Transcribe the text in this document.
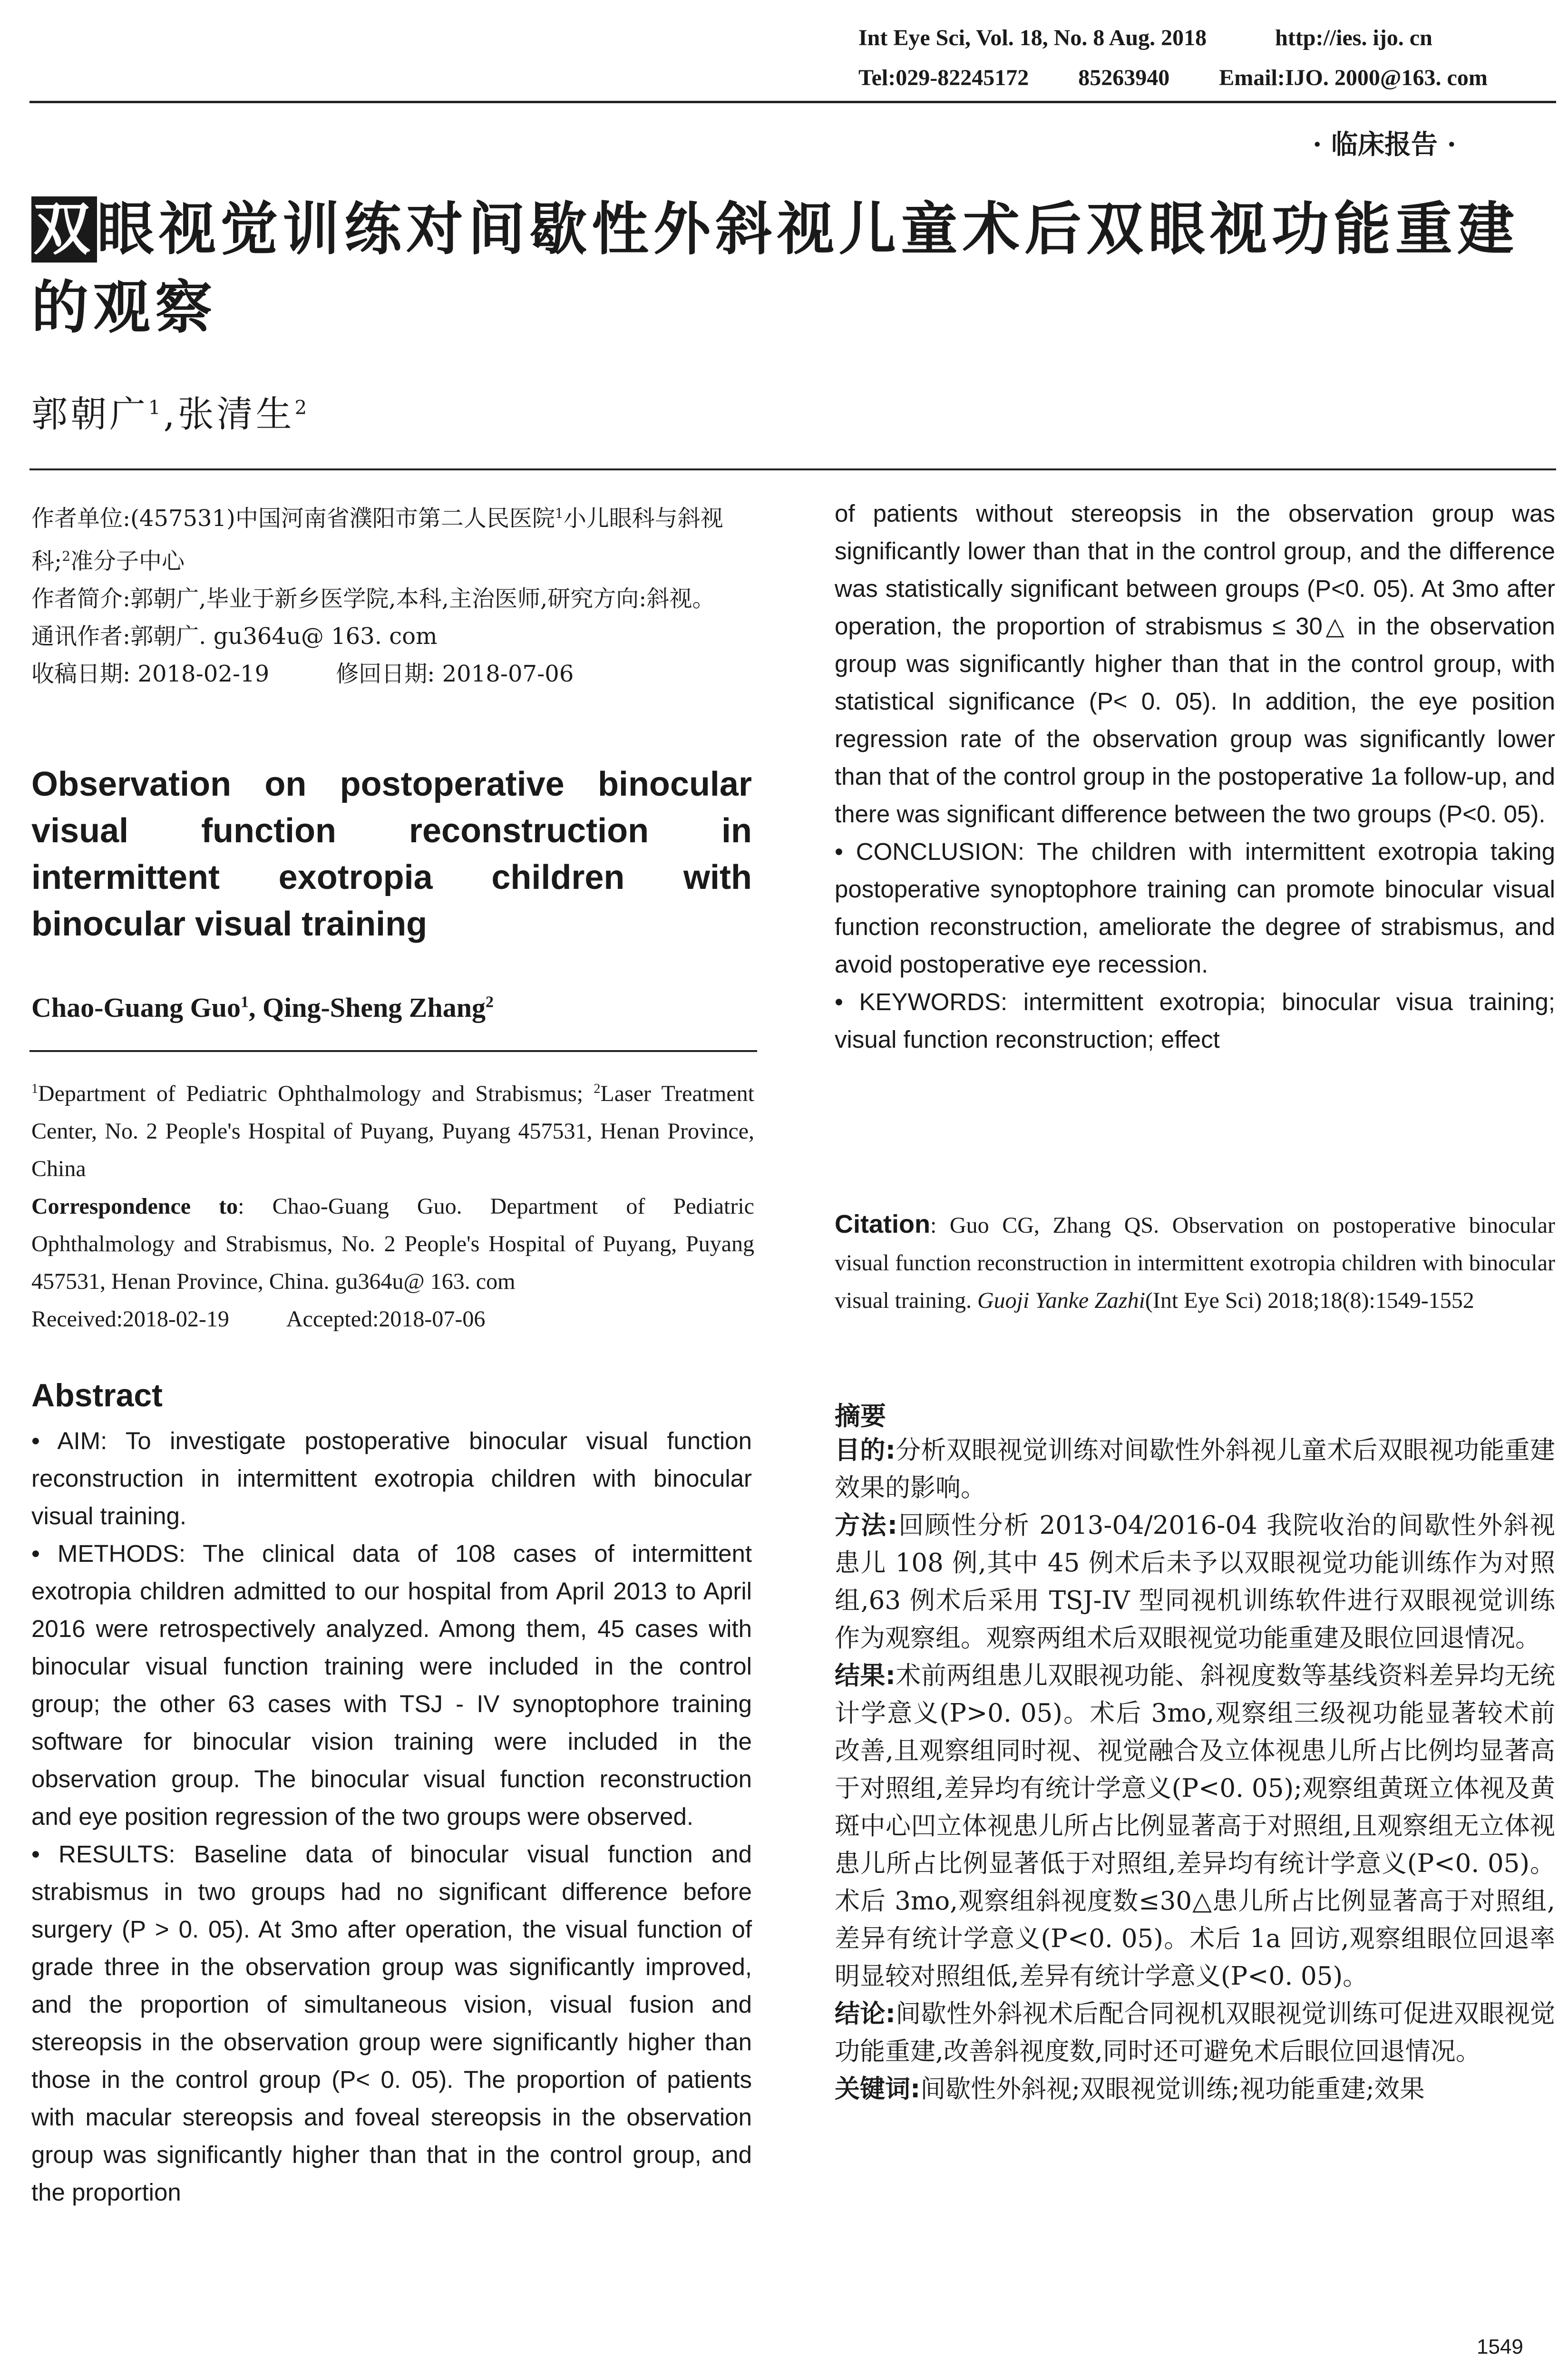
Int Eye Sci, Vol. 18, No. 8 Aug. 2018	http://ies. ijo. cn
Tel:029-82245172 85263940 Email:IJO. 2000@163. com
· 临床报告 ·
双眼视觉训练对间歇性外斜视儿童术后双眼视功能重建的观察
郭朝广$^1$,张清生$^2$
作者单位:(457531)中国河南省濮阳市第二人民医院$^1$小儿眼科与斜视科;$^2$准分子中心
作者简介:郭朝广,毕业于新乡医学院,本科,主治医师,研究方向:斜视。
通讯作者:郭朝广. gu364u@ 163. com
收稿日期: 2018-02-19	修回日期: 2018-07-06
Observation on postoperative binocular visual function reconstruction in intermittent exotropia children with binocular visual training
Chao-Guang Guo$^1$, Qing-Sheng Zhang$^2$
$^1$Department of Pediatric Ophthalmology and Strabismus; $^2$Laser Treatment Center, No. 2 People's Hospital of Puyang, Puyang 457531, Henan Province, China
Correspondence to: Chao-Guang Guo. Department of Pediatric Ophthalmology and Strabismus, No. 2 People's Hospital of Puyang, Puyang 457531, Henan Province, China. gu364u@ 163. com
Received:2018-02-19	Accepted:2018-07-06
Abstract

• AIM: To investigate postoperative binocular visual function reconstruction in intermittent exotropia children with binocular visual training.

• METHODS: The clinical data of 108 cases of intermittent exotropia children admitted to our hospital from April 2013 to April 2016 were retrospectively analyzed. Among them, 45 cases with binocular visual function training were included in the control group; the other 63 cases with TSJ - IV synoptophore training software for binocular vision training were included in the observation group. The binocular visual function reconstruction and eye position regression of the two groups were observed.

• RESULTS: Baseline data of binocular visual function and strabismus in two groups had no significant difference before surgery (P > 0. 05). At 3mo after operation, the visual function of grade three in the observation group was significantly improved, and the proportion of simultaneous vision, visual fusion and stereopsis in the observation group were significantly higher than those in the control group (P< 0. 05). The proportion of patients with macular stereopsis and foveal stereopsis in the observation group was significantly higher than that in the control group, and the proportion

of patients without stereopsis in the observation group was significantly lower than that in the control group, and the difference was statistically significant between groups (P<0. 05). At 3mo after operation, the proportion of strabismus ≤ 30△ in the observation group was significantly higher than that in the control group, with statistical significance (P< 0. 05). In addition, the eye position regression rate of the observation group was significantly lower than that of the control group in the postoperative 1a follow-up, and there was significant difference between the two groups (P<0. 05).

• CONCLUSION: The children with intermittent exotropia taking postoperative synoptophore training can promote binocular visual function reconstruction, ameliorate the degree of strabismus, and avoid postoperative eye recession.

• KEYWORDS: intermittent exotropia; binocular visua training; visual function reconstruction; effect

Citation: Guo CG, Zhang QS. Observation on postoperative binocular visual function reconstruction in intermittent exotropia children with binocular visual training. Guoji Yanke Zazhi(Int Eye Sci) 2018;18(8):1549-1552
摘要

目的:分析双眼视觉训练对间歇性外斜视儿童术后双眼视功能重建效果的影响。

方法:回顾性分析 2013-04/2016-04 我院收治的间歇性外斜视患儿 108 例,其中 45 例术后未予以双眼视觉功能训练作为对照组,63 例术后采用 TSJ-IV 型同视机训练软件进行双眼视觉训练作为观察组。观察两组术后双眼视觉功能重建及眼位回退情况。

结果:术前两组患儿双眼视功能、斜视度数等基线资料差异均无统计学意义(P>0. 05)。术后 3mo,观察组三级视功能显著较术前改善,且观察组同时视、视觉融合及立体视患儿所占比例均显著高于对照组,差异均有统计学意义(P<0. 05);观察组黄斑立体视及黄斑中心凹立体视患儿所占比例显著高于对照组,且观察组无立体视患儿所占比例显著低于对照组,差异均有统计学意义(P<0. 05)。术后 3mo,观察组斜视度数≤30△患儿所占比例显著高于对照组,差异有统计学意义(P<0. 05)。术后 1a 回访,观察组眼位回退率明显较对照组低,差异有统计学意义(P<0. 05)。

结论:间歇性外斜视术后配合同视机双眼视觉训练可促进双眼视觉功能重建,改善斜视度数,同时还可避免术后眼位回退情况。

关键词:间歇性外斜视;双眼视觉训练;视功能重建;效果

1549
